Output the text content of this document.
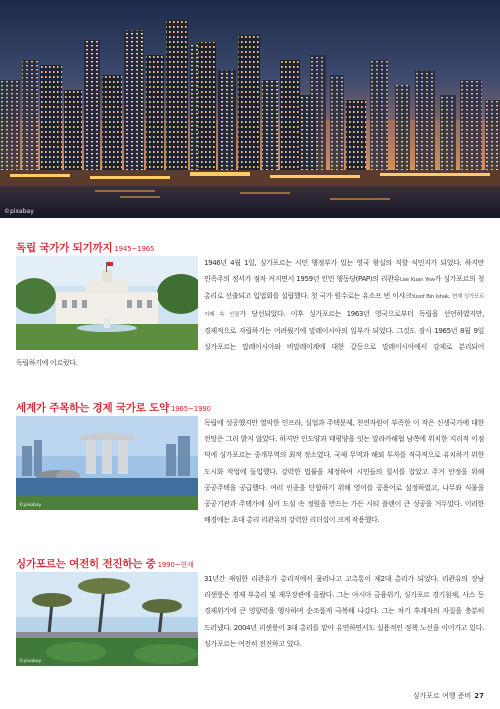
©pixabay
독립 국가가 되기까지 1945~1965

1946년 4월 1일, 싱가포르는 시민 행정부가 있는 영국 왕실의 직할 식민지가 되었다. 하지만 민족주의 정서가 점차 커지면서 1959년 인민 행동당(PAP)의 리콴유Lee Kuan Yew가 싱가포르의 첫 총리로 선출되고 입법회를 설립했다. 첫 국가 원수로는 유소프 빈 이샤크Yusof Bin Ishak, 현재 싱가포르 지폐 속 인물가 당선되었다. 이후 싱가포르는 1963년 영국으로부터 독립을 선언하였지만, 경제적으로 자립하기는 어려웠기에 말레이시아의 일부가 되었다. 그것도 잠시 1965년 8월 9일 싱가포르는 말레이시아와 비말레이계에 대한 갈등으로 말레이시아에서 강제로 분리되어 독립하기에 이르렀다.

세계가 주목하는 경제 국가로 도약 1965~1990
©pixabay

독립에 성공했지만 열악한 인프라, 실업과 주택문제, 천연자원이 부족한 이 작은 신생국가에 대한 전망은 그리 밝지 않았다. 하지만 인도양과 태평양을 잇는 말라카해협 남쪽에 위치한 지리적 이점 덕에 싱가포르는 중개무역의 최적 장소였다. 국제 무역과 해외 투자를 적극적으로 유치하기 위한 도시화 작업에 돌입했다. 강력한 법률을 제정하여 시민들의 질서를 잡았고 주거 안정을 위해 공공주택을 공급했다. 여러 인종을 단합하기 위해 영어를 공용어로 설정하였고, 나무와 식물을 공공기관과 주택가에 심어 도심 속 정원을 만드는 가든 시티 플랜이 큰 성공을 거두었다. 이러한 배경에는 초대 총리 리콴유의 강력한 리더십이 크게 작용했다.

싱가포르는 여전히 전진하는 중 1990~현재
©pixabay

31년간 재임한 리콴유가 총리직에서 물러나고 고촉통이 제2대 총리가 되었다. 리콴유의 장남 리센룽은 경제 부총리 및 재무장관에 올랐다. 그는 아시아 금융위기, 싱가포르 경기침체, 사스 등 경제위기에 큰 영향력을 행사하며 순조롭게 극복해 나갔다. 그는 차기 후계자의 자질을 충분히 드러냈다. 2004년 리센룽이 3대 총리를 맡아 유연하면서도 실용적인 정책 노선을 이어가고 있다. 싱가포르는 여전히 전진하고 있다.

싱가포르 여행 준비 27
